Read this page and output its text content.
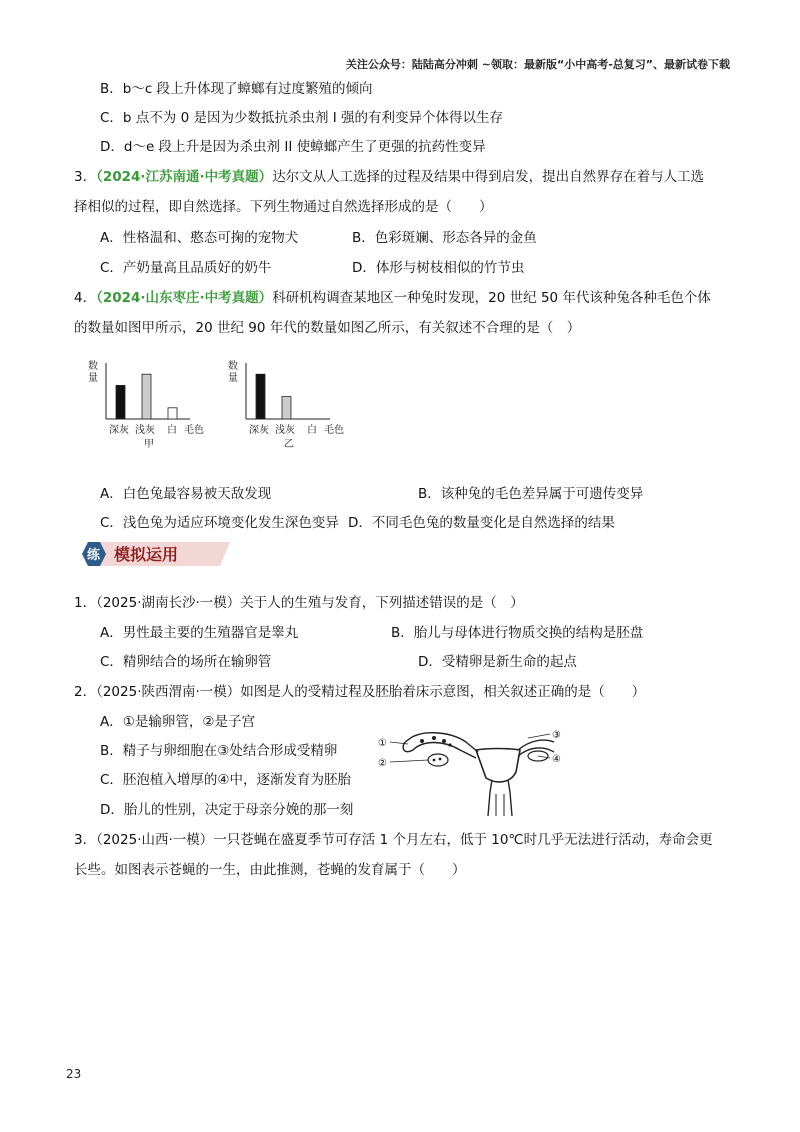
关注公众号：陆陆高分冲刺 ~领取：最新版“小中高考-总复习”、最新试卷下载
B．b～c 段上升体现了蟑螂有过度繁殖的倾向
C．b 点不为 0 是因为少数抵抗杀虫剂 I 强的有利变异个体得以生存
D．d～e 段上升是因为杀虫剂 II 使蟑螂产生了更强的抗药性变异
3．（2024·江苏南通·中考真题）达尔文从人工选择的过程及结果中得到启发，提出自然界存在着与人工选
择相似的过程，即自然选择。下列生物通过自然选择形成的是（　　）
A．性格温和、憨态可掬的宠物犬	B．色彩斑斓、形态各异的金鱼
C．产奶量高且品质好的奶牛	D．体形与树枝相似的竹节虫
4．（2024·山东枣庄·中考真题）科研机构调查某地区一种兔时发现，20 世纪 50 年代该种兔各种毛色个体
的数量如图甲所示，20 世纪 90 年代的数量如图乙所示，有关叙述不合理的是（　）
数
量
深灰 浅灰 白 毛色
甲
数
量
深灰 浅灰 白 毛色
乙
A．白色兔最容易被天敌发现	B．该种兔的毛色差异属于可遗传变异
C．浅色兔为适应环境变化发生深色变异 D．不同毛色兔的数量变化是自然选择的结果
练 模拟运用
1．（2025·湖南长沙·一模）关于人的生殖与发育，下列描述错误的是（　）
A．男性最主要的生殖器官是睾丸	B．胎儿与母体进行物质交换的结构是胚盘
C．精卵结合的场所在输卵管	D．受精卵是新生命的起点
2．（2025·陕西渭南·一模）如图是人的受精过程及胚胎着床示意图，相关叙述正确的是（　　）
A．①是输卵管，②是子宫
B．精子与卵细胞在③处结合形成受精卵
C．胚泡植入增厚的④中，逐渐发育为胚胎
D．胎儿的性别，决定于母亲分娩的那一刻
①
②
③
④
3．（2025·山西·一模）一只苍蝇在盛夏季节可存活 1 个月左右，低于 10℃时几乎无法进行活动，寿命会更
长些。如图表示苍蝇的一生，由此推测，苍蝇的发育属于（　　）
23
